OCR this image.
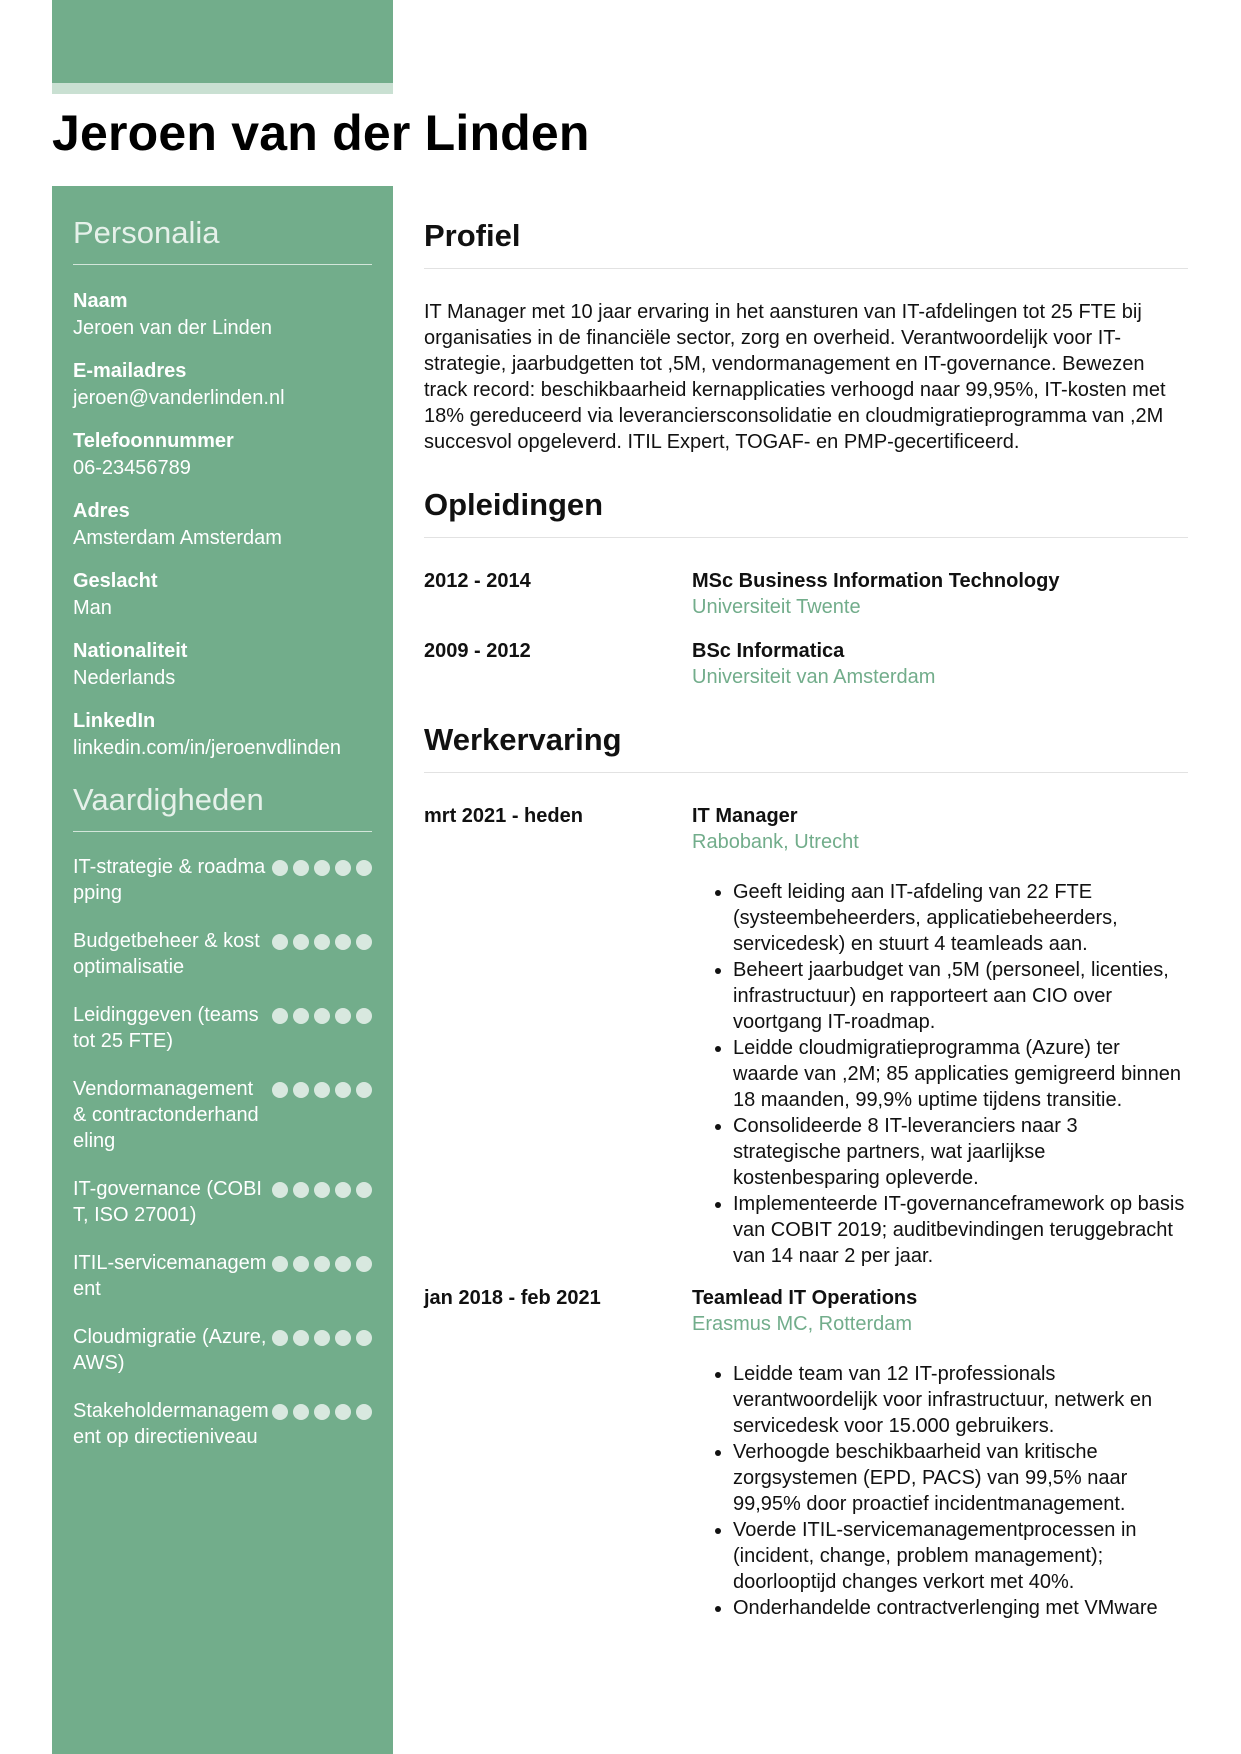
Jeroen van der Linden
Personalia
Naam
Jeroen van der Linden
E-mailadres
jeroen@vanderlinden.nl
Telefoonnummer
06-23456789
Adres
Amsterdam Amsterdam
Geslacht
Man
Nationaliteit
Nederlands
LinkedIn
linkedin.com/in/jeroenvdlinden
Vaardigheden
IT-strategie & roadmapping
Budgetbeheer & kostoptimalisatie
Leidinggeven (teams tot 25 FTE)
Vendormanagement & contractonderhandeling
IT-governance (COBIT, ISO 27001)
ITIL-servicemanagement
Cloudmigratie (Azure, AWS)
Stakeholdermanagement op directieniveau
Profiel

IT Manager met 10 jaar ervaring in het aansturen van IT-afdelingen tot 25 FTE bij organisaties in de financiële sector, zorg en overheid. Verantwoordelijk voor IT-strategie, jaarbudgetten tot ,5M, vendormanagement en IT-governance. Bewezen track record: beschikbaarheid kernapplicaties verhoogd naar 99,95%, IT-kosten met 18% gereduceerd via leveranciersconsolidatie en cloudmigratieprogramma van ,2M succesvol opgeleverd. ITIL Expert, TOGAF- en PMP-gecertificeerd.

Opleidingen
2012 - 2014	MSc Business Information Technology
Universiteit Twente
2009 - 2012	BSc Informatica
Universiteit van Amsterdam
Werkervaring
mrt 2021 - heden	IT Manager
Rabobank, Utrecht
• Geeft leiding aan IT-afdeling van 22 FTE (systeembeheerders, applicatiebeheerders, servicedesk) en stuurt 4 teamleads aan.
• Beheert jaarbudget van ,5M (personeel, licenties, infrastructuur) en rapporteert aan CIO over voortgang IT-roadmap.
• Leidde cloudmigratieprogramma (Azure) ter waarde van ,2M; 85 applicaties gemigreerd binnen 18 maanden, 99,9% uptime tijdens transitie.
• Consolideerde 8 IT-leveranciers naar 3 strategische partners, wat jaarlijkse kostenbesparing opleverde.
• Implementeerde IT-governanceframework op basis van COBIT 2019; auditbevindingen teruggebracht van 14 naar 2 per jaar.
jan 2018 - feb 2021	Teamlead IT Operations
Erasmus MC, Rotterdam
• Leidde team van 12 IT-professionals verantwoordelijk voor infrastructuur, netwerk en servicedesk voor 15.000 gebruikers.
• Verhoogde beschikbaarheid van kritische zorgsystemen (EPD, PACS) van 99,5% naar 99,95% door proactief incidentmanagement.
• Voerde ITIL-servicemanagementprocessen in (incident, change, problem management); doorlooptijd changes verkort met 40%.
• Onderhandelde contractverlenging met VMware
